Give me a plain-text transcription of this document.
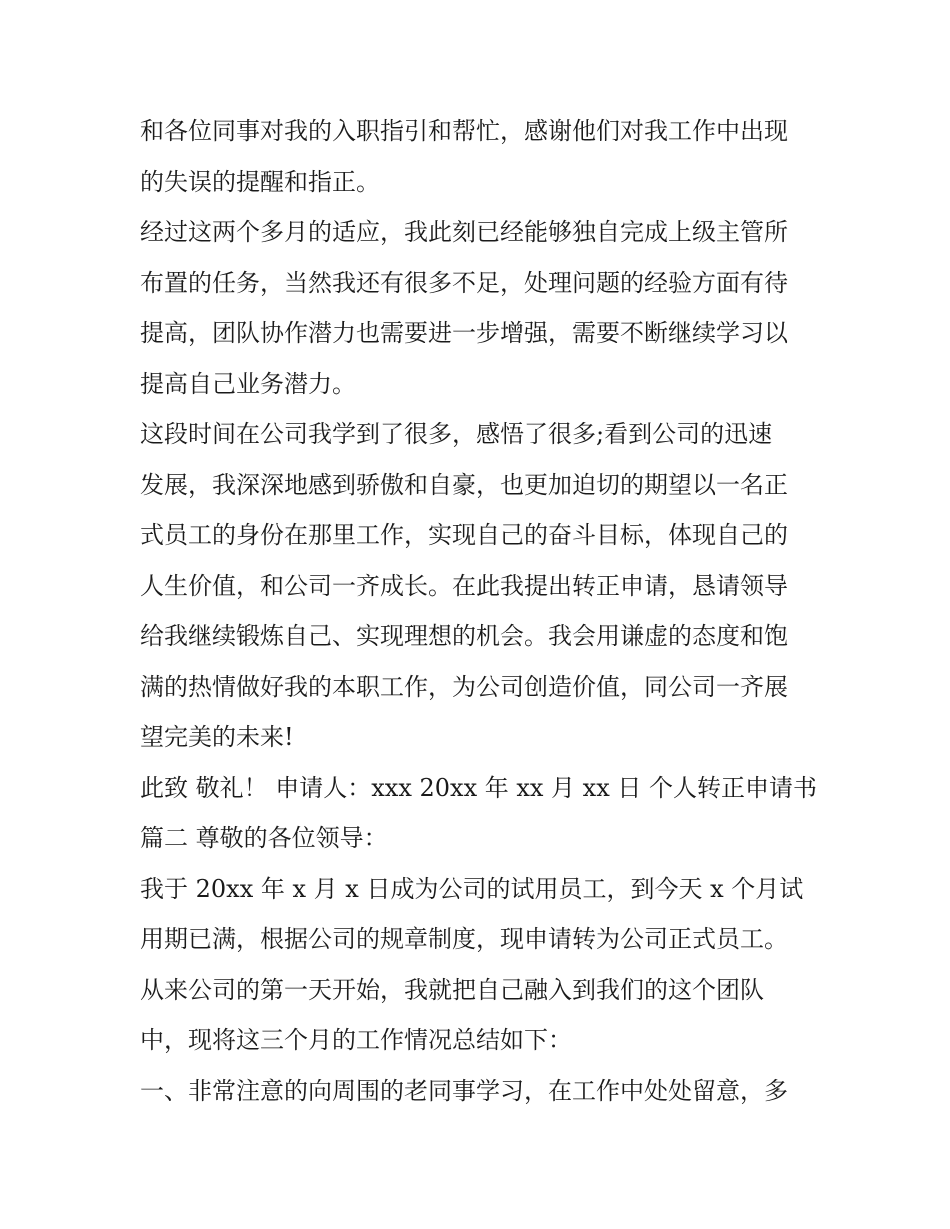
和各位同事对我的入职指引和帮忙，感谢他们对我工作中出现
的失误的提醒和指正。
经过这两个多月的适应，我此刻已经能够独自完成上级主管所
布置的任务，当然我还有很多不足，处理问题的经验方面有待
提高，团队协作潜力也需要进一步增强，需要不断继续学习以
提高自己业务潜力。
这段时间在公司我学到了很多，感悟了很多;看到公司的迅速
发展，我深深地感到骄傲和自豪，也更加迫切的期望以一名正
式员工的身份在那里工作，实现自己的奋斗目标，体现自己的
人生价值，和公司一齐成长。在此我提出转正申请，恳请领导
给我继续锻炼自己、实现理想的机会。我会用谦虚的态度和饱
满的热情做好我的本职工作，为公司创造价值，同公司一齐展
望完美的未来!
此致 敬礼！ 申请人：xxx 20xx 年 xx 月 xx 日 个人转正申请书
篇二 尊敬的各位领导：
我于 20xx 年 x 月 x 日成为公司的试用员工，到今天 x 个月试
用期已满，根据公司的规章制度，现申请转为公司正式员工。
从来公司的第一天开始，我就把自己融入到我们的这个团队
中，现将这三个月的工作情况总结如下：
一、非常注意的向周围的老同事学习，在工作中处处留意，多
